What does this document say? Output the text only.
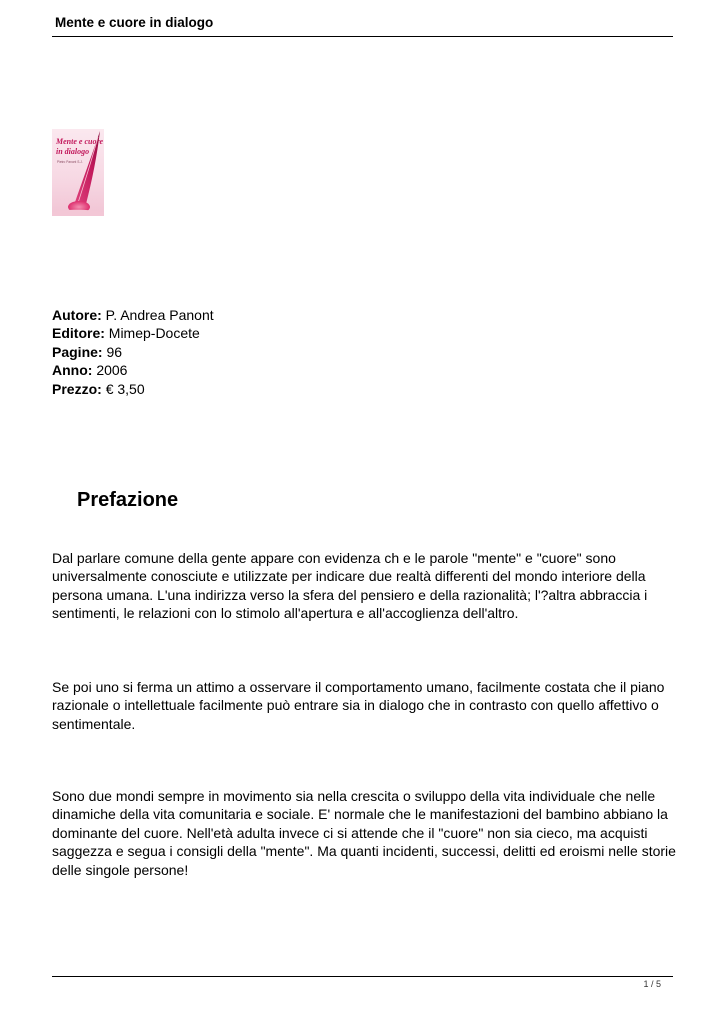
Mente e cuore in dialogo
Mente e cuore
in dialogo
Pietro Panont S.J.
Autore: P. Andrea Panont
Editore: Mimep-Docete
Pagine: 96
Anno: 2006
Prezzo: € 3,50
Prefazione

Dal parlare comune della gente appare con evidenza ch e le parole "mente" e "cuore" sono universalmente conosciute e utilizzate per indicare due realtà differenti del mondo interiore della persona umana. L'una indirizza verso la sfera del pensiero e della razionalità; l'?altra abbraccia i sentimenti, le relazioni con lo stimolo all'apertura e all'accoglienza dell'altro.

Se poi uno si ferma un attimo a osservare il comportamento umano, facilmente costata che il piano razionale o intellettuale facilmente può entrare sia in dialogo che in contrasto con quello affettivo o sentimentale.

Sono due mondi sempre in movimento sia nella crescita o sviluppo della vita individuale che nelle dinamiche della vita comunitaria e sociale. E' normale che le manifestazioni del bambino abbiano la dominante del cuore. Nell'età adulta invece ci si attende che il "cuore" non sia cieco, ma acquisti saggezza e segua i consigli della "mente". Ma quanti incidenti, successi, delitti ed eroismi nelle storie delle singole persone!

1 / 5
